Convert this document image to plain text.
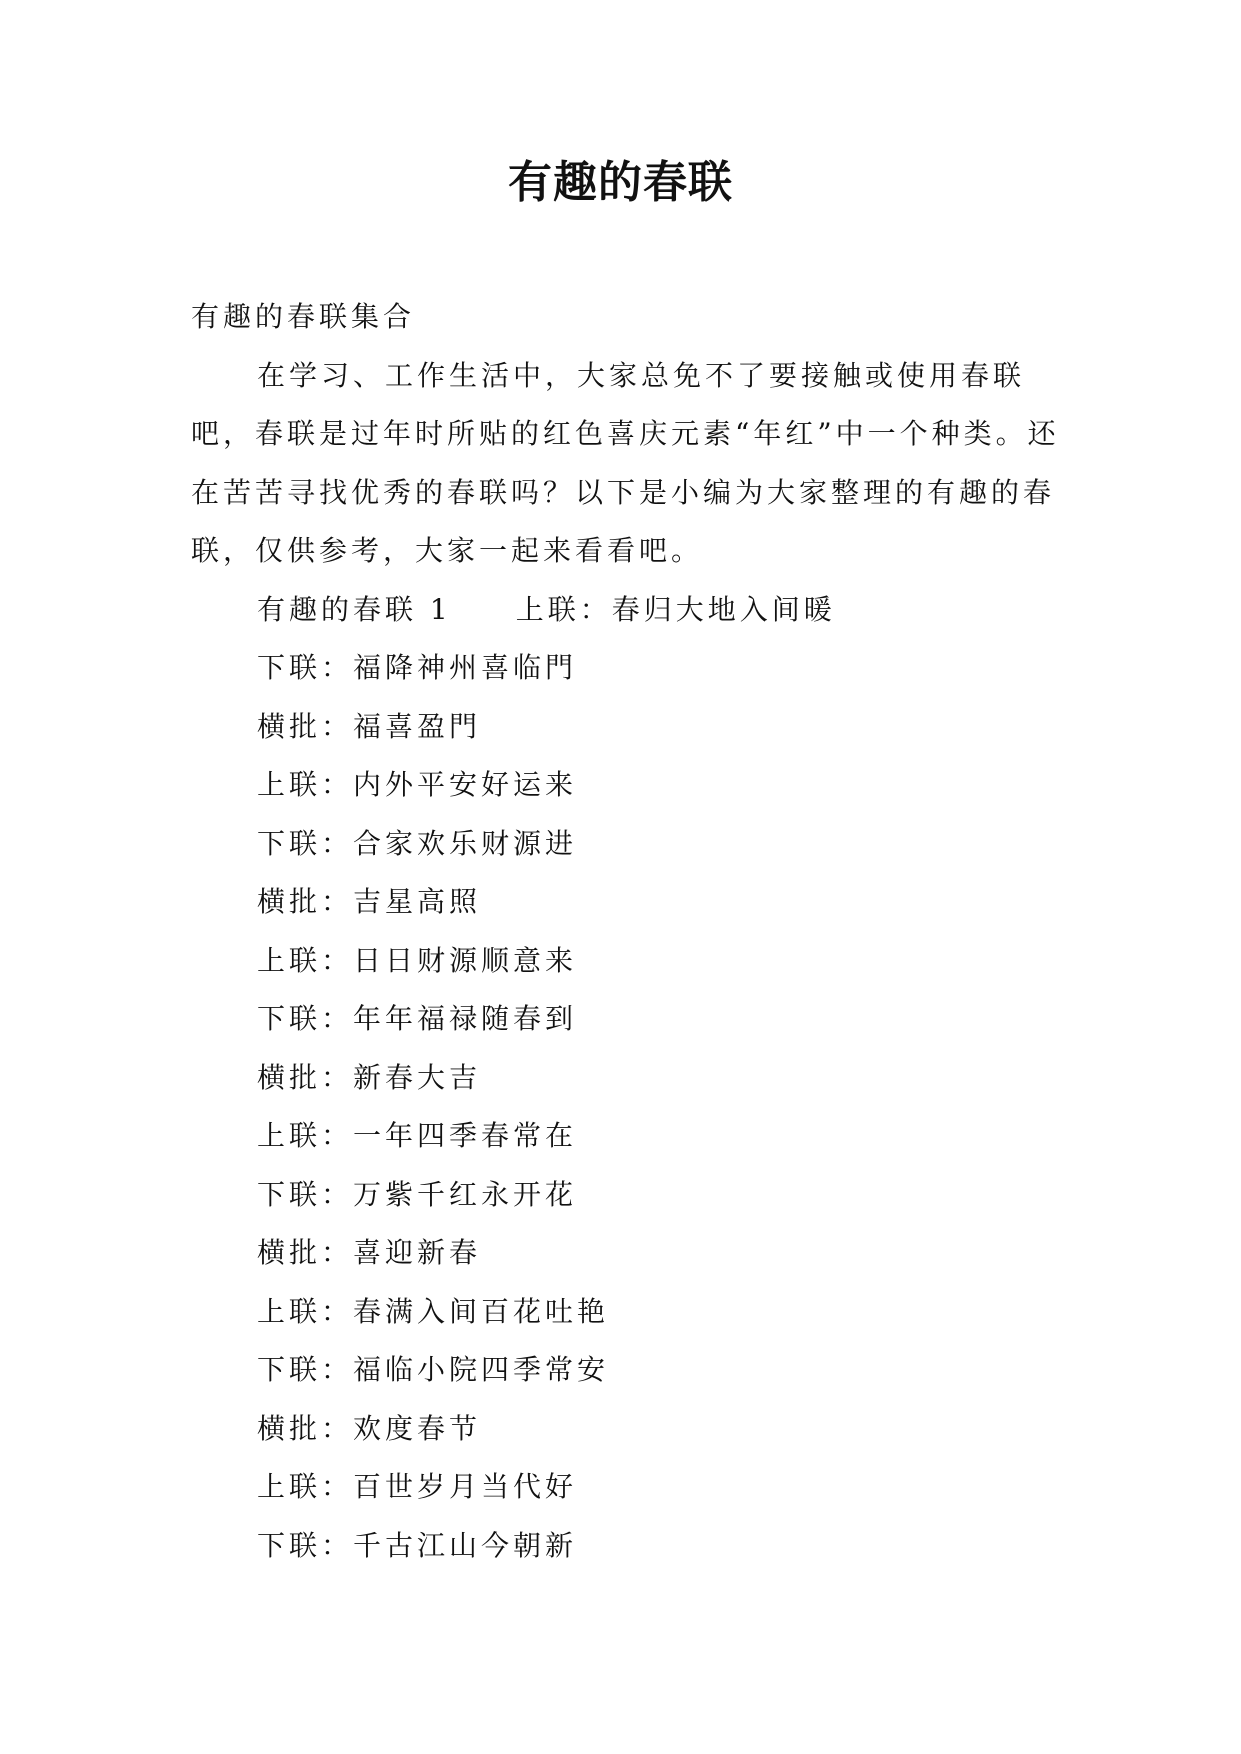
有趣的春联
有趣的春联集合
在学习、工作生活中，大家总免不了要接触或使用春联吧，春联是过年时所贴的红色喜庆元素“年红”中一个种类。还在苦苦寻找优秀的春联吗？以下是小编为大家整理的有趣的春联，仅供参考，大家一起来看看吧。
有趣的春联 1 上联：春归大地入间暖
下联：福降神州喜临門
横批：福喜盈門
上联：内外平安好运来
下联：合家欢乐财源进
横批：吉星高照
上联：日日财源顺意来
下联：年年福禄随春到
横批：新春大吉
上联：一年四季春常在
下联：万紫千红永开花
横批：喜迎新春
上联：春满入间百花吐艳
下联：福临小院四季常安
横批：欢度春节
上联：百世岁月当代好
下联：千古江山今朝新
